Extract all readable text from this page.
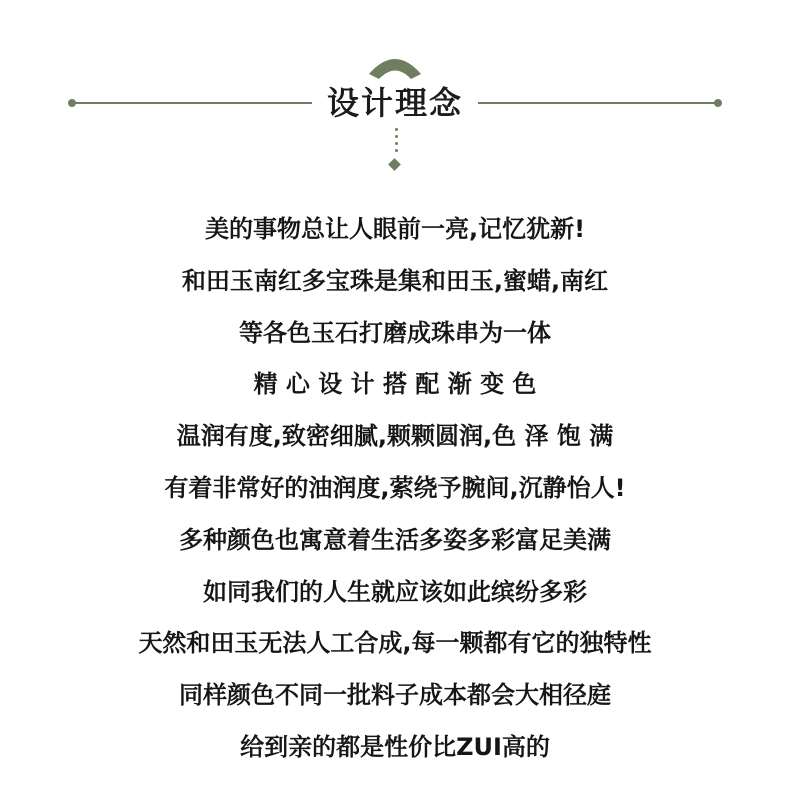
设计理念
美的事物总让人眼前一亮,记忆犹新!
和田玉南红多宝珠是集和田玉,蜜蜡,南红
等各色玉石打磨成珠串为一体
精 心 设 计 搭 配 渐 变 色
温润有度,致密细腻,颗颗圆润,色 泽 饱 满
有着非常好的油润度,萦绕予腕间,沉静怡人!
多种颜色也寓意着生活多姿多彩富足美满
如同我们的人生就应该如此缤纷多彩
天然和田玉无法人工合成,每一颗都有它的独特性
同样颜色不同一批料子成本都会大相径庭
给到亲的都是性价比ZUI高的
